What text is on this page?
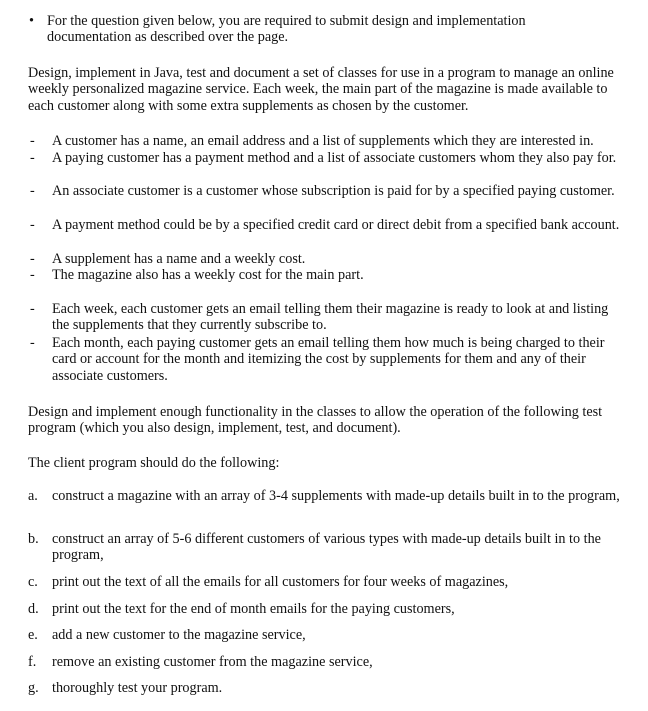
• For the question given below, you are required to submit design and implementation documentation as described over the page.

Design, implement in Java, test and document a set of classes for use in a program to manage an online weekly personalized magazine service. Each week, the main part of the magazine is made available to each customer along with some extra supplements as chosen by the customer.

- A customer has a name, an email address and a list of supplements which they are interested in.

- A paying customer has a payment method and a list of associate customers whom they also pay for.

- An associate customer is a customer whose subscription is paid for by a specified paying customer.

- A payment method could be by a specified credit card or direct debit from a specified bank account.

- A supplement has a name and a weekly cost.

- The magazine also has a weekly cost for the main part.

- Each week, each customer gets an email telling them their magazine is ready to look at and listing the supplements that they currently subscribe to.

- Each month, each paying customer gets an email telling them how much is being charged to their card or account for the month and itemizing the cost by supplements for them and any of their associate customers.

Design and implement enough functionality in the classes to allow the operation of the following test program (which you also design, implement, test, and document).

The client program should do the following:

a. construct a magazine with an array of 3-4 supplements with made-up details built in to the program,

b. construct an array of 5-6 different customers of various types with made-up details built in to the program,

c. print out the text of all the emails for all customers for four weeks of magazines,

d. print out the text for the end of month emails for the paying customers,

e. add a new customer to the magazine service,

f. remove an existing customer from the magazine service,

g. thoroughly test your program.
